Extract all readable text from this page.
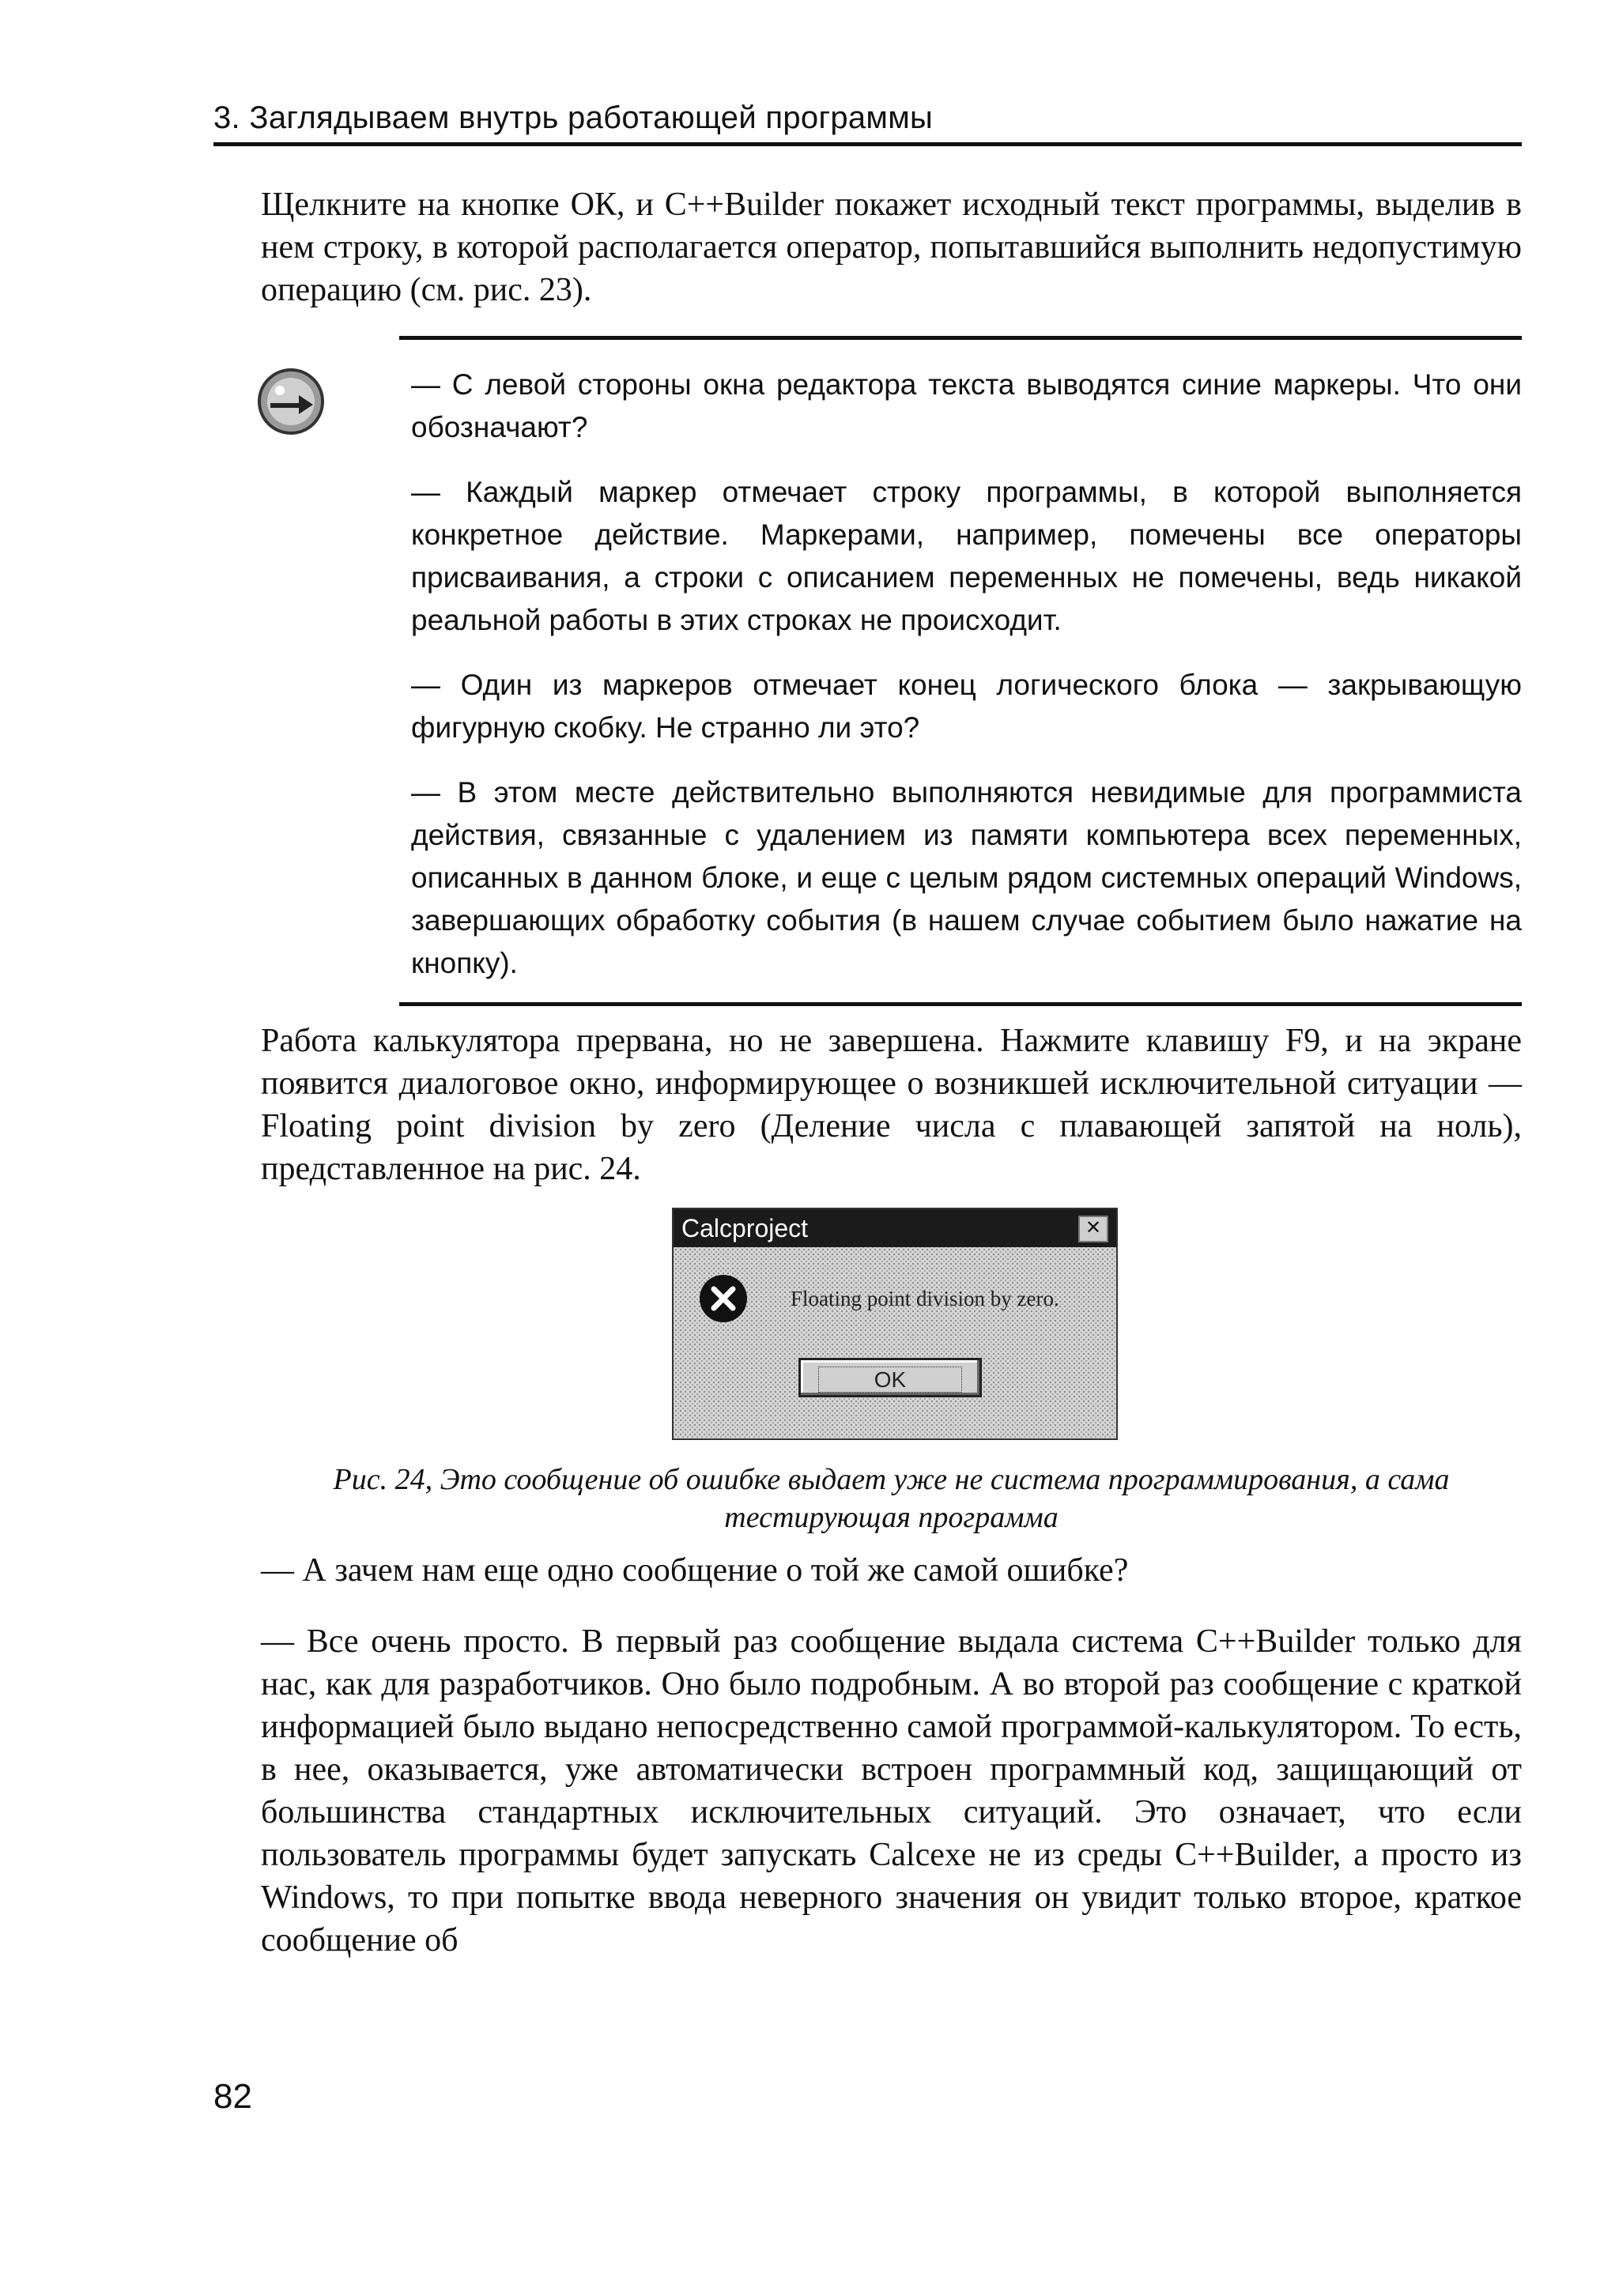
3. Заглядываем внутрь работающей программы

Щелкните на кнопке ОК, и C++Builder покажет исходный текст программы, выделив в нем строку, в которой располагается оператор, попытавшийся выполнить недопустимую операцию (см. рис. 23).

— С левой стороны окна редактора текста выводятся синие маркеры. Что они обозначают?

— Каждый маркер отмечает строку программы, в которой выполняется конкретное действие. Маркерами, например, помечены все операторы присваивания, а строки с описанием переменных не помечены, ведь никакой реальной работы в этих строках не происходит.

— Один из маркеров отмечает конец логического блока — закрывающую фигурную скобку. Не странно ли это?

— В этом месте действительно выполняются невидимые для программиста действия, связанные с удалением из памяти компьютера всех переменных, описанных в данном блоке, и еще с целым рядом системных операций Windows, завершающих обработку события (в нашем случае событием было нажатие на кнопку).

Работа калькулятора прервана, но не завершена. Нажмите клавишу F9, и на экране появится диалоговое окно, информирующее о возникшей исключительной ситуации — Floating point division by zero (Деление числа с плавающей запятой на ноль), представленное на рис. 24.

Calcproject	✕
Floating point division by zero.
OK

Рис. 24, Это сообщение об ошибке выдает уже не система программирования, а сама тестирующая программа

— А зачем нам еще одно сообщение о той же самой ошибке?

— Все очень просто. В первый раз сообщение выдала система C++Builder только для нас, как для разработчиков. Оно было подробным. А во второй раз сообщение с краткой информацией было выдано непосредственно самой программой-калькулятором. То есть, в нее, оказывается, уже автоматически встроен программный код, защищающий от большинства стандартных исключительных ситуаций. Это означает, что если пользователь программы будет запускать Calcexe не из среды C++Builder, а просто из Windows, то при попытке ввода неверного значения он увидит только второе, краткое сообщение об

82
